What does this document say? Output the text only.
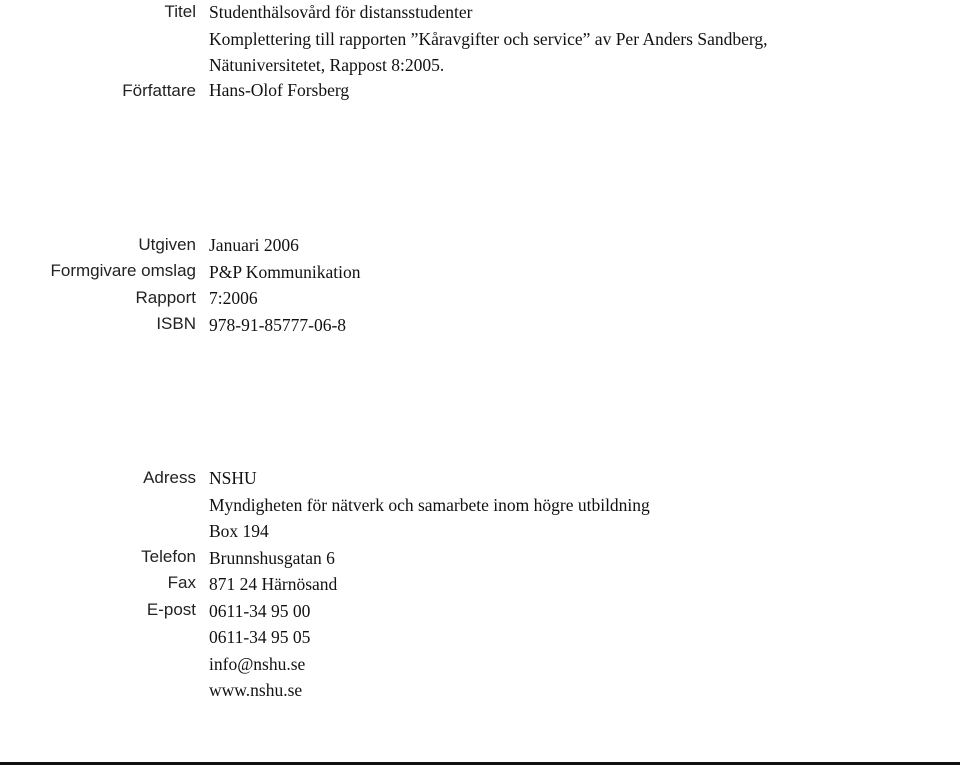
Titel Studenthälsovård för distansstudenter
Komplettering till rapporten ”Kåravgifter och service” av Per Anders Sandberg,
Nätuniversitetet, Rappost 8:2005.
Författare Hans-Olof Forsberg
Utgiven
Formgivare omslag
Rapport
ISBN
Januari 2006
P&P Kommunikation
7:2006
978-91-85777-06-8
Adress
Telefon
Fax
E-post
NSHU
Myndigheten för nätverk och samarbete inom högre utbildning
Box 194
Brunnshusgatan 6
871 24 Härnösand
0611-34 95 00
0611-34 95 05
info@nshu.se
www.nshu.se
